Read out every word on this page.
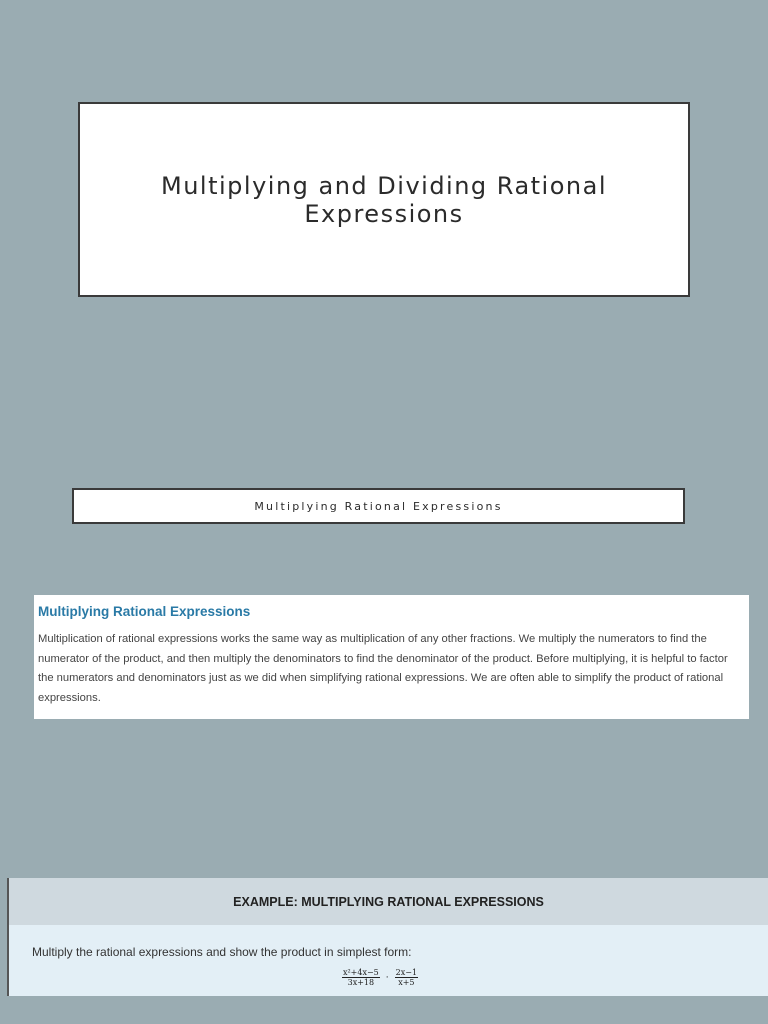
Multiplying and Dividing Rational
Expressions
Multiplying Rational Expressions
Multiplying Rational Expressions

Multiplication of rational expressions works the same way as multiplication of any other fractions. We multiply the numerators to find the numerator of the product, and then multiply the denominators to find the denominator of the product. Before multiplying, it is helpful to factor the numerators and denominators just as we did when simplifying rational expressions. We are often able to simplify the product of rational expressions.

EXAMPLE: MULTIPLYING RATIONAL EXPRESSIONS

Multiply the rational expressions and show the product in simplest form:

$\frac{\text{x²+4x−5}}{3x+18} \cdot \frac{2x-1}{x+5}$
